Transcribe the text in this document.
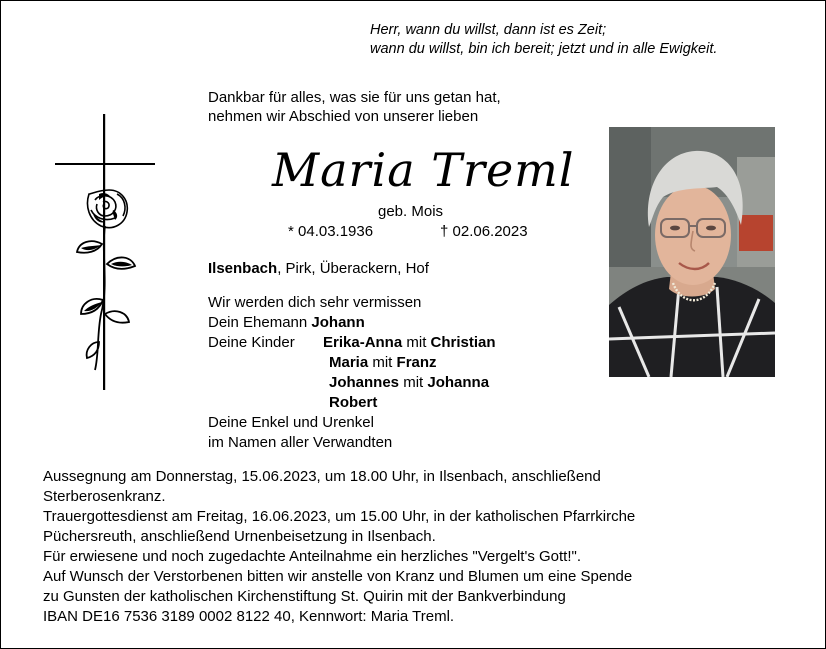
Herr, wann du willst, dann ist es Zeit;
wann du willst, bin ich bereit; jetzt und in alle Ewigkeit.
Dankbar für alles, was sie für uns getan hat,
nehmen wir Abschied von unserer lieben
Maria Treml
geb. Mois
* 04.03.1936	† 02.06.2023
Ilsenbach, Pirk, Überackern, Hof
Wir werden dich sehr vermissen
Dein Ehemann Johann
Deine Kinder Erika-Anna mit Christian
Maria mit Franz
Johannes mit Johanna
Robert
Deine Enkel und Urenkel
im Namen aller Verwandten
Aussegnung am Donnerstag, 15.06.2023, um 18.00 Uhr, in Ilsenbach, anschließend
Sterberosenkranz.
Trauergottesdienst am Freitag, 16.06.2023, um 15.00 Uhr, in der katholischen Pfarrkirche
Püchersreuth, anschließend Urnenbeisetzung in Ilsenbach.
Für erwiesene und noch zugedachte Anteilnahme ein herzliches "Vergelt's Gott!".
Auf Wunsch der Verstorbenen bitten wir anstelle von Kranz und Blumen um eine Spende
zu Gunsten der katholischen Kirchenstiftung St. Quirin mit der Bankverbindung
IBAN DE16 7536 3189 0002 8122 40, Kennwort: Maria Treml.
